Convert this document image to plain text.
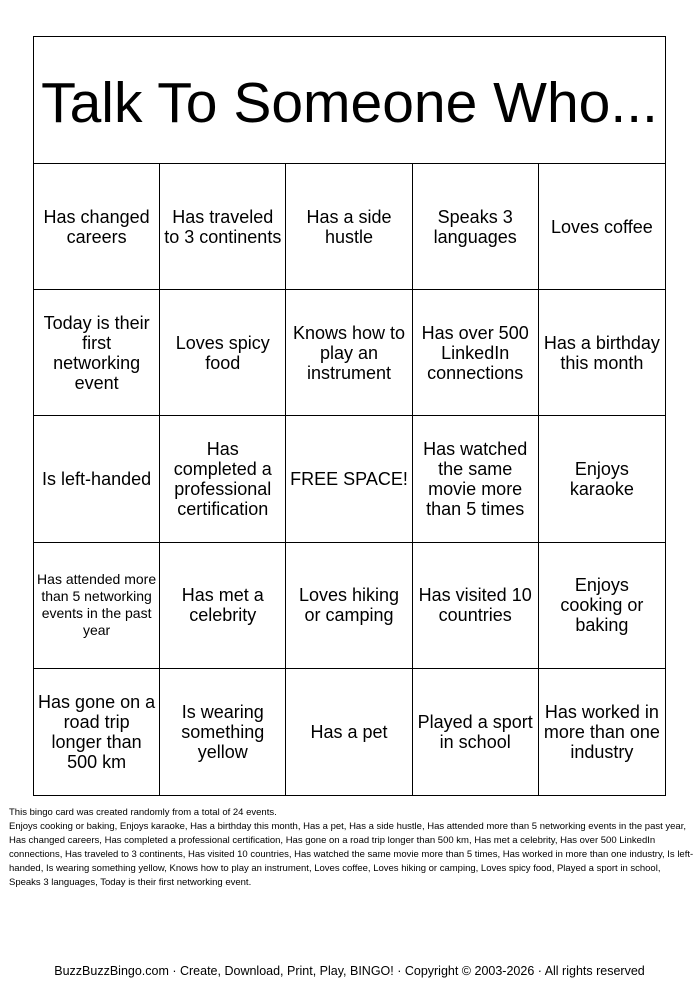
Talk To Someone Who...
Has changed careers
Has traveled to 3 continents
Has a side hustle
Speaks 3 languages	Loves coffee
Today is their first networking event
Loves spicy food
Knows how to play an instrument
Has over 500 LinkedIn connections
Has a birthday this month
Is left-handed
Has completed a professional certification
FREE SPACE!
Has watched the same movie more than 5 times
Enjoys karaoke
Has attended more than 5 networking events in the past year
Has met a celebrity
Loves hiking or camping
Has visited 10 countries
Enjoys cooking or baking
Has gone on a road trip longer than 500 km
Is wearing something yellow
Has a pet	Played a sport in school
Has worked in more than one industry

This bingo card was created randomly from a total of 24 events.

Enjoys cooking or baking, Enjoys karaoke, Has a birthday this month, Has a pet, Has a side hustle, Has attended more than 5 networking events in the past year, Has changed careers, Has completed a professional certification, Has gone on a road trip longer than 500 km, Has met a celebrity, Has over 500 LinkedIn connections, Has traveled to 3 continents, Has visited 10 countries, Has watched the same movie more than 5 times, Has worked in more than one industry, Is left-handed, Is wearing something yellow, Knows how to play an instrument, Loves coffee, Loves hiking or camping, Loves spicy food, Played a sport in school, Speaks 3 languages, Today is their first networking event.

BuzzBuzzBingo.com · Create, Download, Print, Play, BINGO! · Copyright © 2003-2026 · All rights reserved
